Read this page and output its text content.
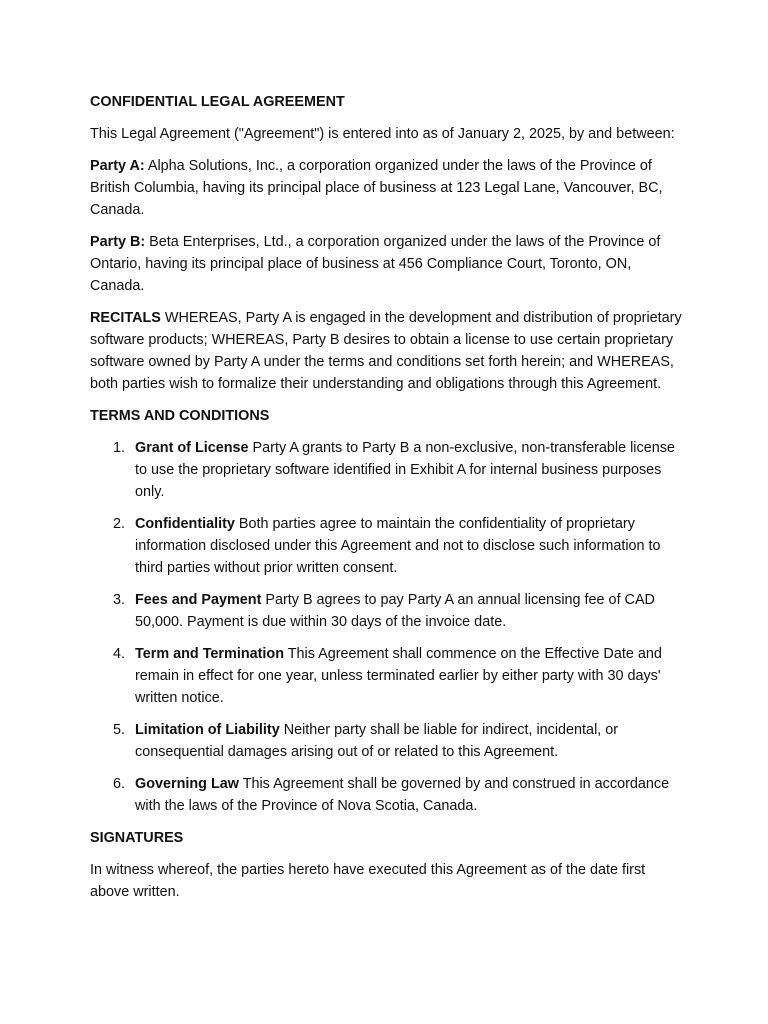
CONFIDENTIAL LEGAL AGREEMENT

This Legal Agreement ("Agreement") is entered into as of January 2, 2025, by and between:

Party A: Alpha Solutions, Inc., a corporation organized under the laws of the Province of British Columbia, having its principal place of business at 123 Legal Lane, Vancouver, BC, Canada.

Party B: Beta Enterprises, Ltd., a corporation organized under the laws of the Province of Ontario, having its principal place of business at 456 Compliance Court, Toronto, ON, Canada.

RECITALS WHEREAS, Party A is engaged in the development and distribution of proprietary software products; WHEREAS, Party B desires to obtain a license to use certain proprietary software owned by Party A under the terms and conditions set forth herein; and WHEREAS, both parties wish to formalize their understanding and obligations through this Agreement.

TERMS AND CONDITIONS

1. Grant of License Party A grants to Party B a non-exclusive, non-transferable license to use the proprietary software identified in Exhibit A for internal business purposes only.
2. Confidentiality Both parties agree to maintain the confidentiality of proprietary information disclosed under this Agreement and not to disclose such information to third parties without prior written consent.
3. Fees and Payment Party B agrees to pay Party A an annual licensing fee of CAD 50,000. Payment is due within 30 days of the invoice date.
4. Term and Termination This Agreement shall commence on the Effective Date and remain in effect for one year, unless terminated earlier by either party with 30 days' written notice.
5. Limitation of Liability Neither party shall be liable for indirect, incidental, or consequential damages arising out of or related to this Agreement.
6. Governing Law This Agreement shall be governed by and construed in accordance with the laws of the Province of Nova Scotia, Canada.

SIGNATURES

In witness whereof, the parties hereto have executed this Agreement as of the date first above written.
